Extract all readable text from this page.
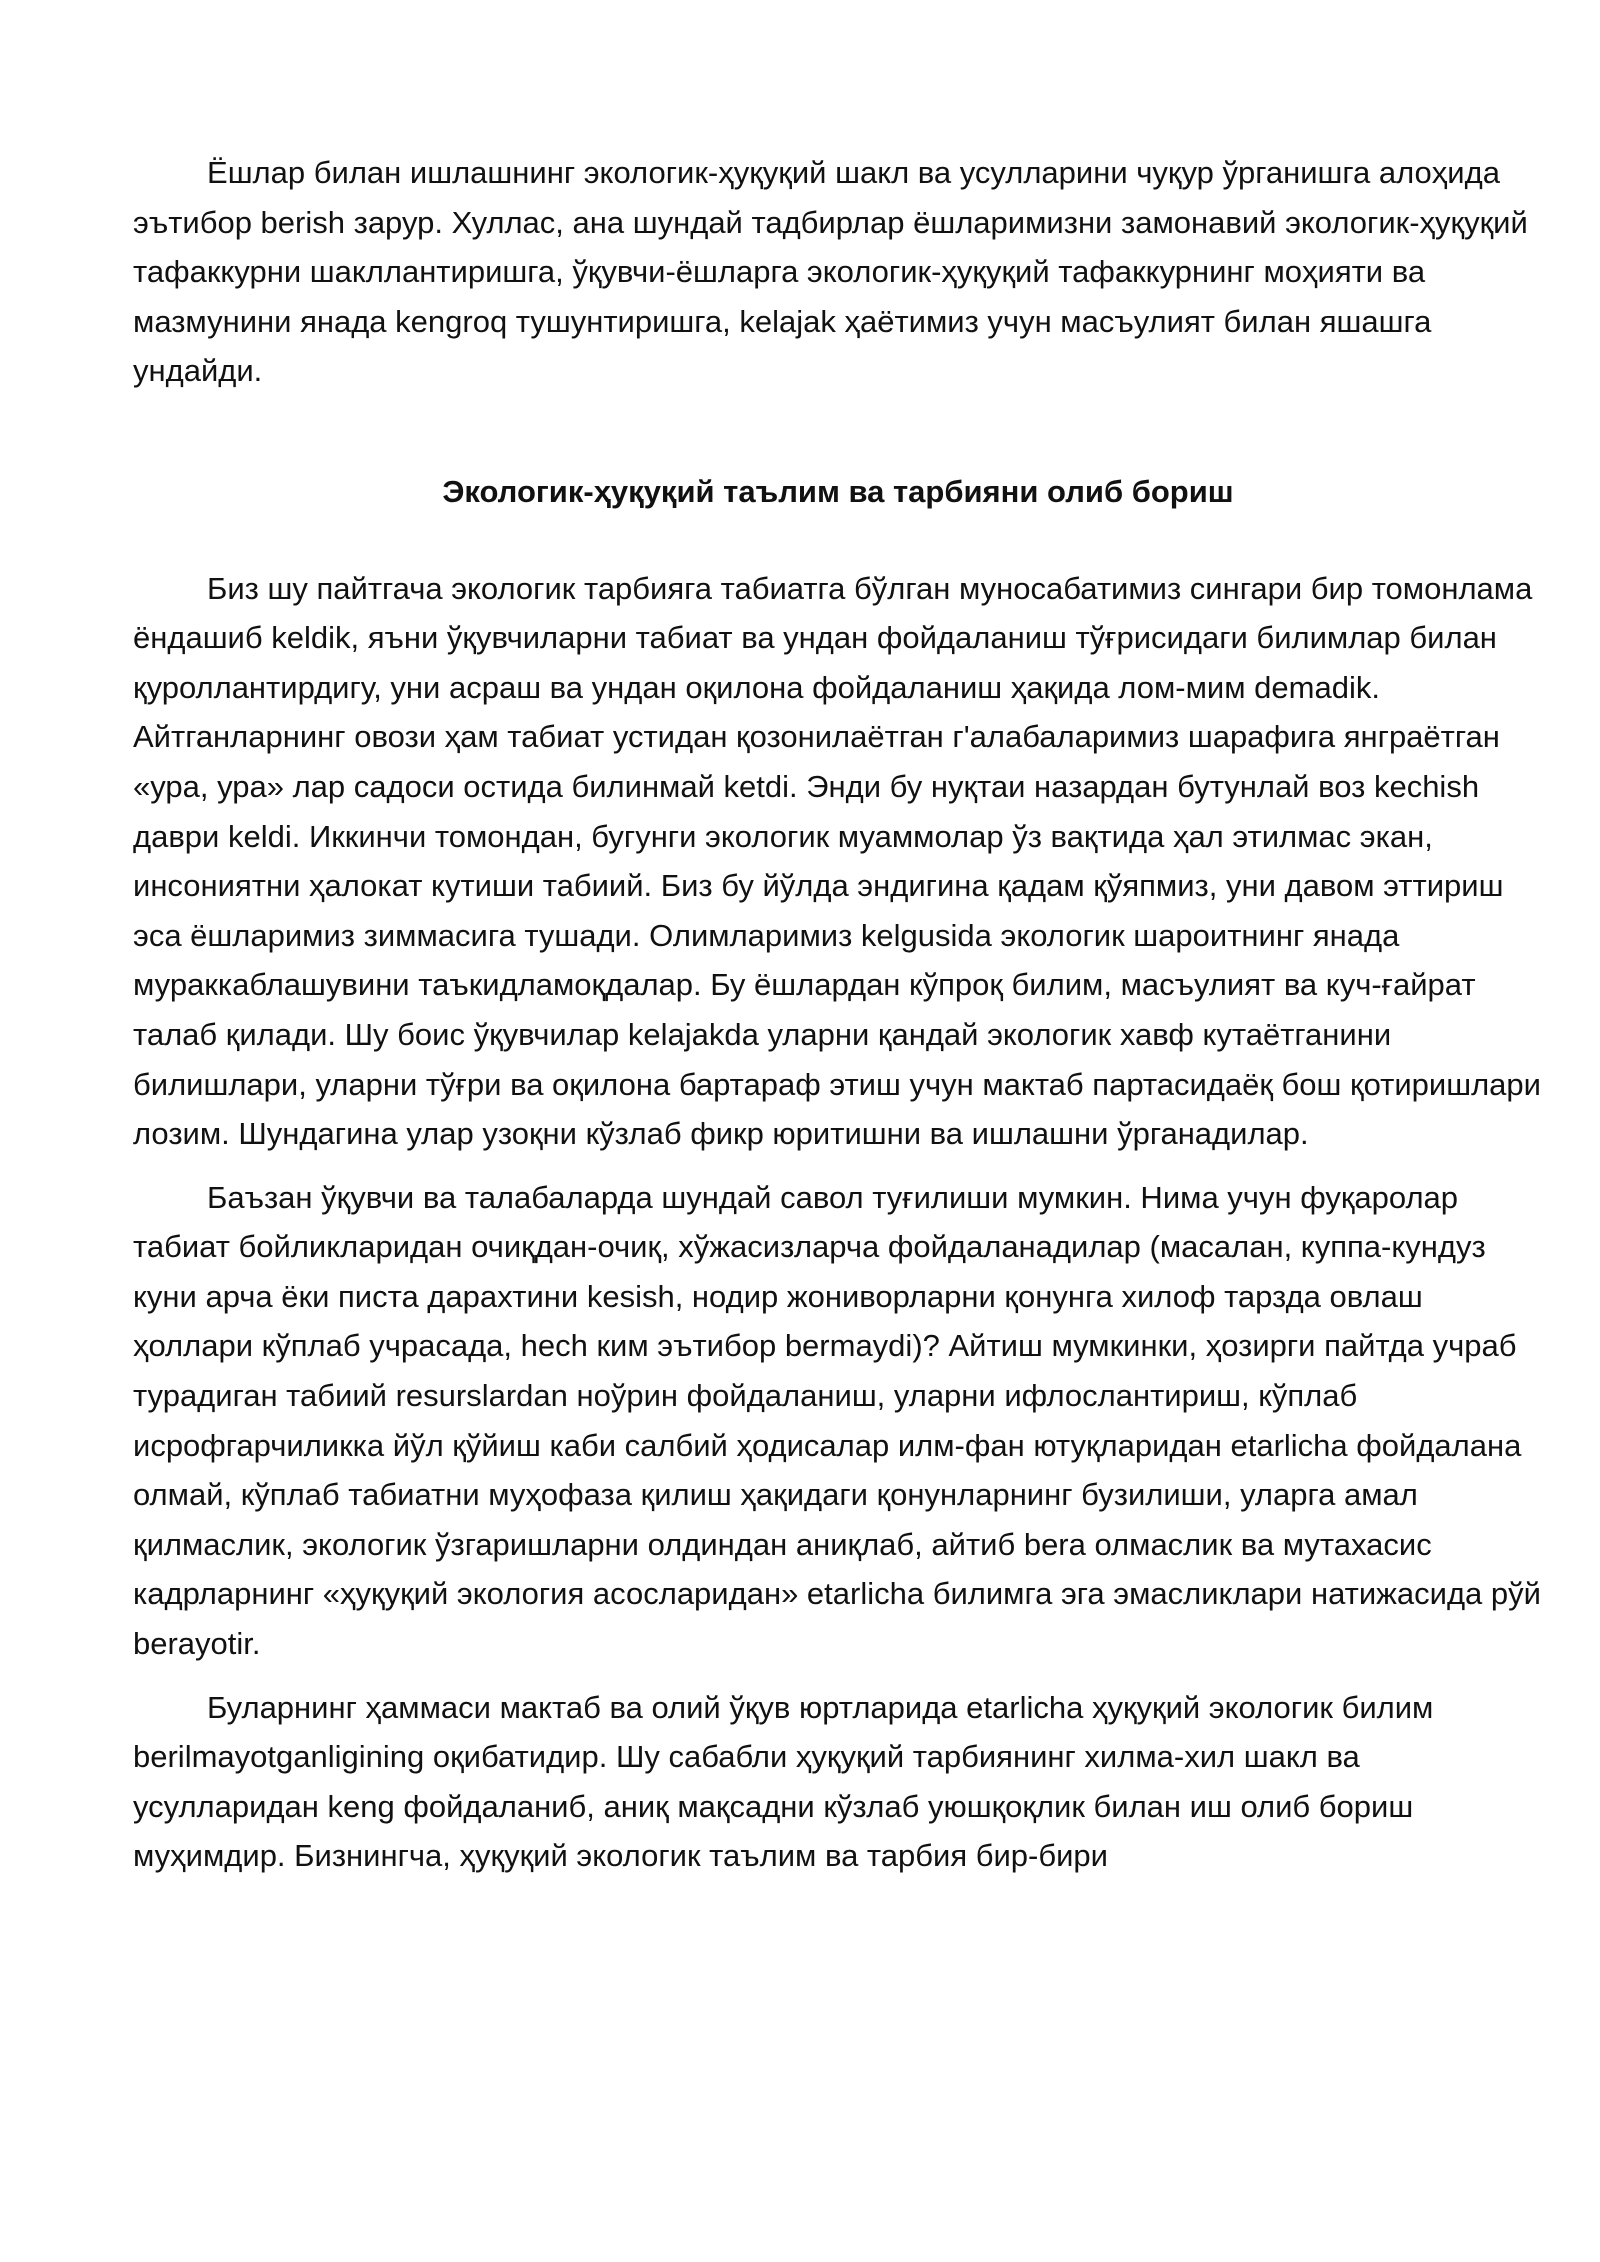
Ёшлар билан ишлашнинг экологик-ҳуқуқий шакл ва усулларини чуқур ўрганишга алоҳида эътибор berish зарур. Хуллас, ана шундай тадбирлар ёшларимизни замонавий экологик-ҳуқуқий тафаккурни шакллантиришга, ўқувчи-ёшларга экологик-ҳуқуқий тафаккурнинг моҳияти ва мазмунини янада kengroq тушунтиришга, kelajak ҳаётимиз учун масъулият билан яшашга ундайди.

Экологик-ҳуқуқий таълим ва тарбияни олиб бориш

Биз шу пайтгача экологик тарбияга табиатга бўлган муносабатимиз сингари бир томонлама ёндашиб keldik, яъни ўқувчиларни табиат ва ундан фойдаланиш тўғрисидаги билимлар билан қуроллантирдигу, уни асраш ва ундан оқилона фойдаланиш ҳақида лом-мим demadik. Айтганларнинг овози ҳам табиат устидан қозонилаётган г'алабаларимиз шарафига янграётган «ура, ура» лар садоси остида билинмай ketdi. Энди бу нуқтаи назардан бутунлай воз kechish даври keldi. Иккинчи томондан, бугунги экологик муаммолар ўз вақтида ҳал этилмас экан, инсониятни ҳалокат кутиши табиий. Биз бу йўлда эндигина қадам қўяпмиз, уни давом эттириш эса ёшларимиз зиммасига тушади. Олимларимиз kelgusida экологик шароитнинг янада мураккаблашувини таъкидламоқдалар. Бу ёшлардан кўпроқ билим, масъулият ва куч-ғайрат талаб қилади. Шу боис ўқувчилар kelajakda уларни қандай экологик хавф кутаётганини билишлари, уларни тўғри ва оқилона бартараф этиш учун мактаб партасидаёқ бош қотиришлари лозим. Шундагина улар узоқни кўзлаб фикр юритишни ва ишлашни ўрганадилар.

Баъзан ўқувчи ва талабаларда шундай савол туғилиши мумкин. Нима учун фуқаролар табиат бойликларидан очиқдан-очиқ, хўжасизларча фойдаланадилар (масалан, куппа-кундуз куни арча ёки писта дарахтини kesish, нодир жониворларни қонунга хилоф тарзда овлаш ҳоллари кўплаб учрасада, hech ким эътибор bermaydi)? Айтиш мумкинки, ҳозирги пайтда учраб турадиган табиий resurslardan ноўрин фойдаланиш, уларни ифлослантириш, кўплаб исрофгарчиликка йўл қўйиш каби салбий ҳодисалар илм-фан ютуқларидан etarlicha фойдалана олмай, кўплаб табиатни муҳофаза қилиш ҳақидаги қонунларнинг бузилиши, уларга амал қилмаслик, экологик ўзгаришларни олдиндан аниқлаб, айтиб bera олмаслик ва мутахасис кадрларнинг «ҳуқуқий экология асосларидан» etarlicha билимга эга эмасликлари натижасида рўй berayotir.

Буларнинг ҳаммаси мактаб ва олий ўқув юртларида etarlicha ҳуқуқий экологик билим berilmayotganligining оқибатидир. Шу сабабли ҳуқуқий тарбиянинг хилма-хил шакл ва усулларидан keng фойдаланиб, аниқ мақсадни кўзлаб уюшқоқлик билан иш олиб бориш муҳимдир. Бизнингча, ҳуқуқий экологик таълим ва тарбия бир-бири
